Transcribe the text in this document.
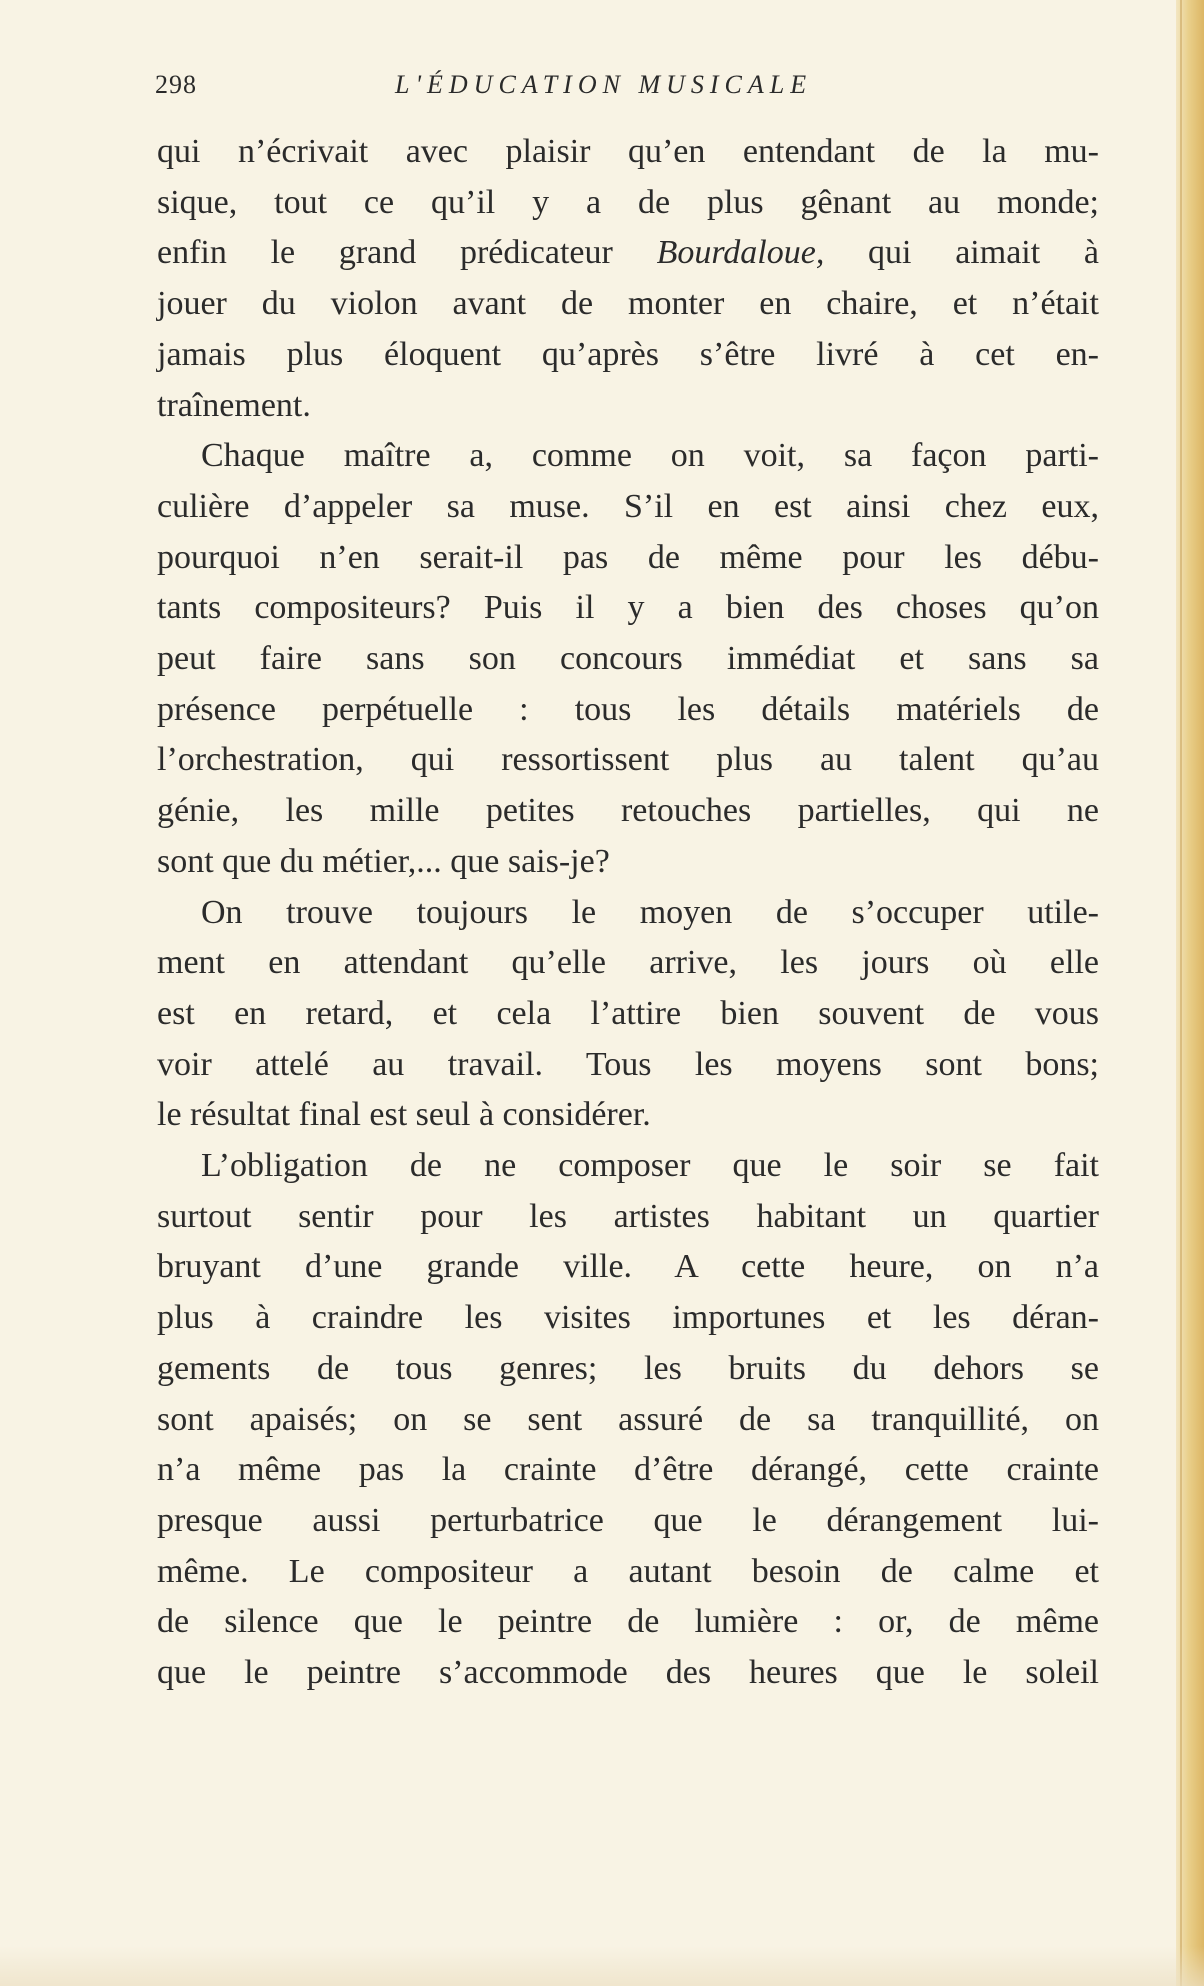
298	L'ÉDUCATION MUSICALE
qui n’écrivait avec plaisir qu’en entendant de la mu-
sique, tout ce qu’il y a de plus gênant au monde;
enfin le grand prédicateur Bourdaloue, qui aimait à
jouer du violon avant de monter en chaire, et n’était
jamais plus éloquent qu’après s’être livré à cet en-
traînement.
Chaque maître a, comme on voit, sa façon parti-
culière d’appeler sa muse. S’il en est ainsi chez eux,
pourquoi n’en serait-il pas de même pour les débu-
tants compositeurs? Puis il y a bien des choses qu’on
peut faire sans son concours immédiat et sans sa
présence perpétuelle : tous les détails matériels de
l’orchestration, qui ressortissent plus au talent qu’au
génie, les mille petites retouches partielles, qui ne
sont que du métier,... que sais-je?
On trouve toujours le moyen de s’occuper utile-
ment en attendant qu’elle arrive, les jours où elle
est en retard, et cela l’attire bien souvent de vous
voir attelé au travail. Tous les moyens sont bons;
le résultat final est seul à considérer.
L’obligation de ne composer que le soir se fait
surtout sentir pour les artistes habitant un quartier
bruyant d’une grande ville. A cette heure, on n’a
plus à craindre les visites importunes et les déran-
gements de tous genres; les bruits du dehors se
sont apaisés; on se sent assuré de sa tranquillité, on
n’a même pas la crainte d’être dérangé, cette crainte
presque aussi perturbatrice que le dérangement lui-
même. Le compositeur a autant besoin de calme et
de silence que le peintre de lumière : or, de même
que le peintre s’accommode des heures que le soleil
